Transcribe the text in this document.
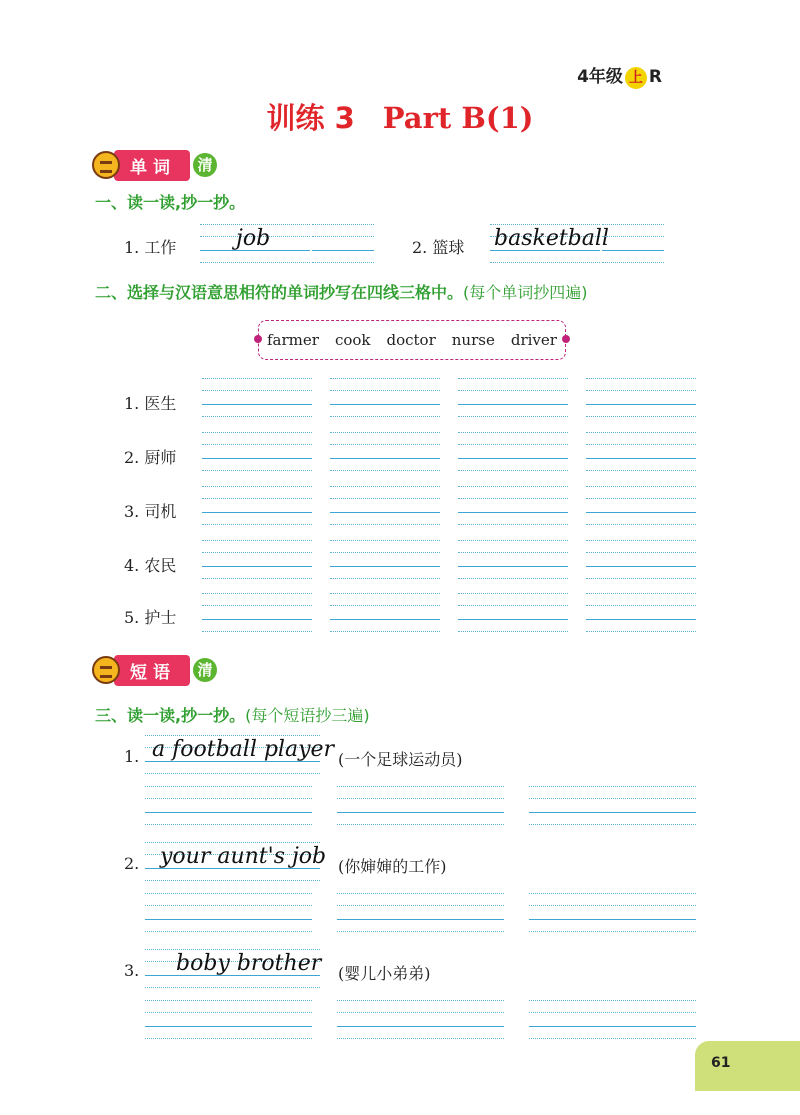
4年级 上 R
训练 3 Part B(1)
单词	清
一、读一读,抄一抄。
1. 工作	job	2. 篮球 basketball
二、选择与汉语意思相符的单词抄写在四线三格中。(每个单词抄四遍)
farmer cook doctor nurse driver
1. 医生
2. 厨师
3. 司机
4. 农民
5. 护士
短语	清
三、读一读,抄一抄。(每个短语抄三遍)
1. a football player (一个足球运动员)
2. your aunt's job (你婶婶的工作)
3. boby brother (婴儿小弟弟)
61
